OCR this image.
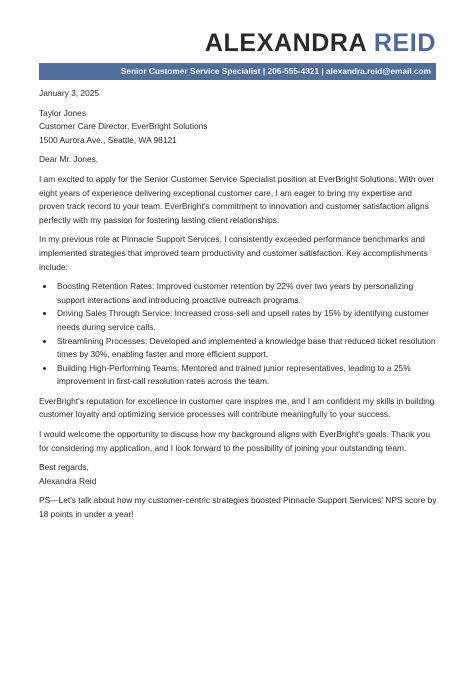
ALEXANDRA REID
Senior Customer Service Specialist | 206-555-4321 | alexandra.reid@email.com

January 3, 2025

Taylor Jones
Customer Care Director, EverBright Solutions
1500 Aurora Ave., Seattle, WA 98121

Dear Mr. Jones,

I am excited to apply for the Senior Customer Service Specialist position at EverBright Solutions. With over eight years of experience delivering exceptional customer care, I am eager to bring my expertise and proven track record to your team. EverBright's commitment to innovation and customer satisfaction aligns perfectly with my passion for fostering lasting client relationships.

In my previous role at Pinnacle Support Services, I consistently exceeded performance benchmarks and implemented strategies that improved team productivity and customer satisfaction. Key accomplishments include:

• Boosting Retention Rates: Improved customer retention by 22% over two years by personalizing support interactions and introducing proactive outreach programs.
• Driving Sales Through Service: Increased cross-sell and upsell rates by 15% by identifying customer needs during service calls.
• Streamlining Processes: Developed and implemented a knowledge base that reduced ticket resolution times by 30%, enabling faster and more efficient support.
• Building High-Performing Teams: Mentored and trained junior representatives, leading to a 25% improvement in first-call resolution rates across the team.

EverBright's reputation for excellence in customer care inspires me, and I am confident my skills in building customer loyalty and optimizing service processes will contribute meaningfully to your success.

I would welcome the opportunity to discuss how my background aligns with EverBright's goals. Thank you for considering my application, and I look forward to the possibility of joining your outstanding team.

Best regards,
Alexandra Reid

PS—Let's talk about how my customer-centric strategies boosted Pinnacle Support Services' NPS score by 18 points in under a year!
